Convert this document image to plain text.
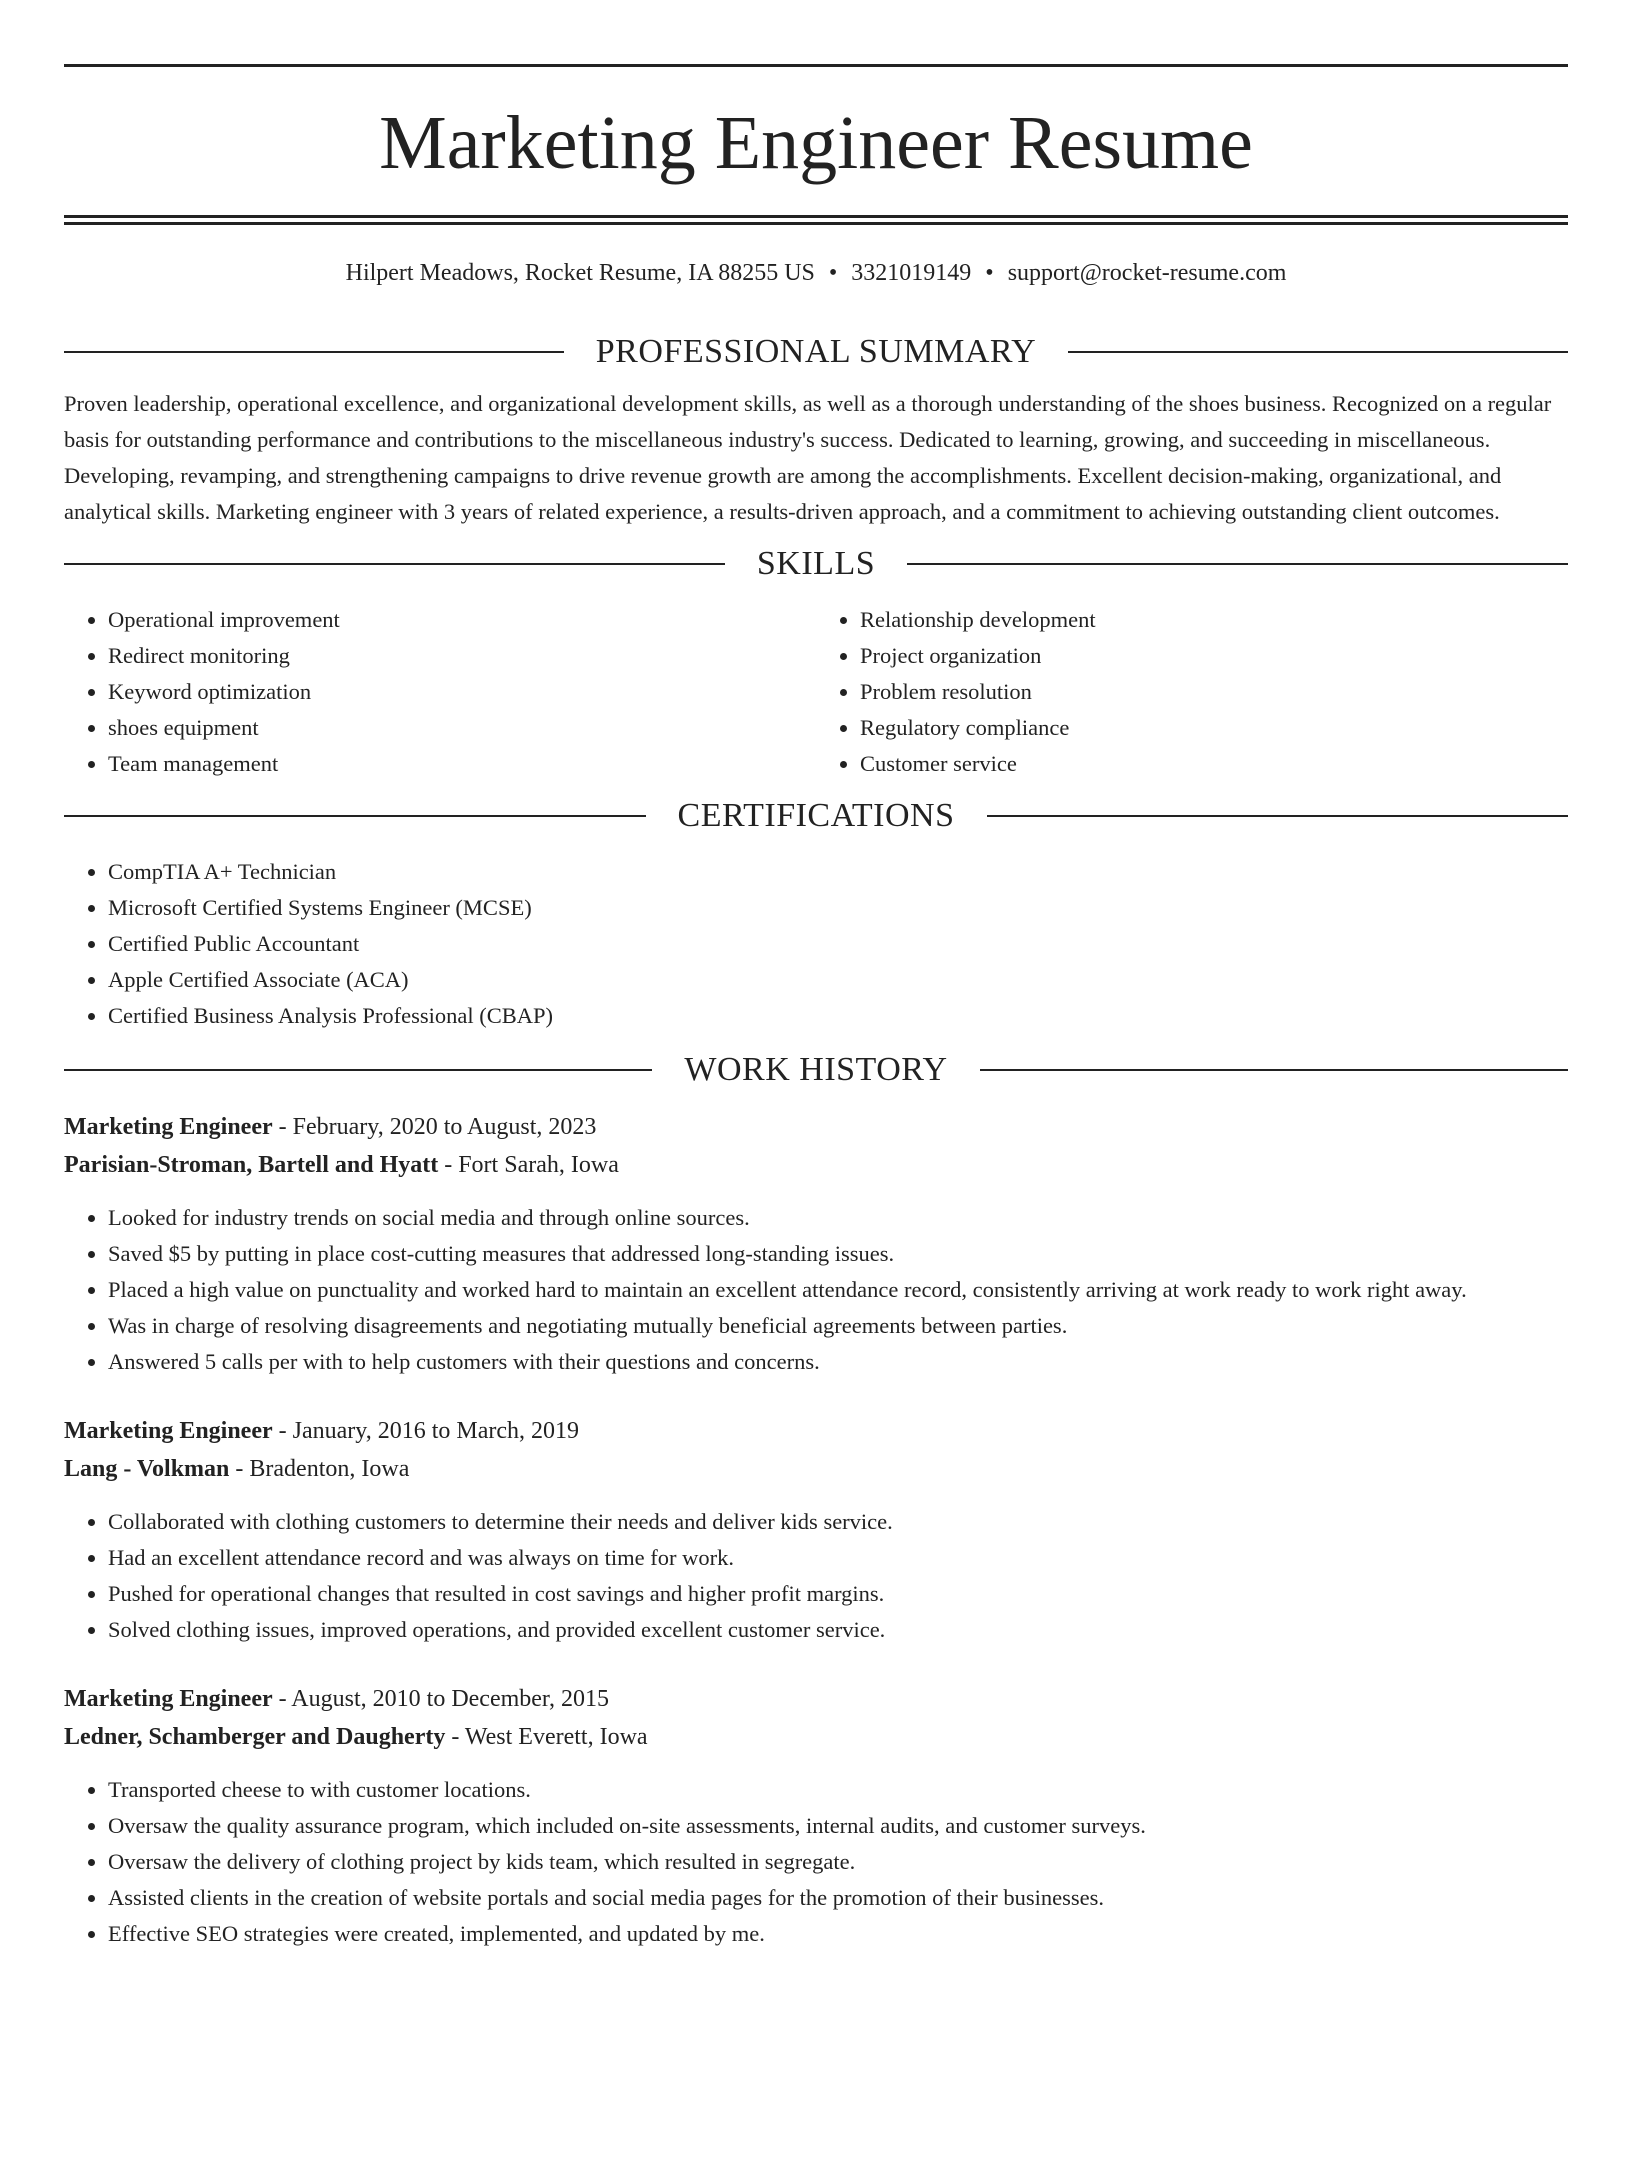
Marketing Engineer Resume
Hilpert Meadows, Rocket Resume, IA 88255 US • 3321019149 • support@rocket-resume.com
PROFESSIONAL SUMMARY

Proven leadership, operational excellence, and organizational development skills, as well as a thorough understanding of the shoes business. Recognized on a regular basis for outstanding performance and contributions to the miscellaneous industry's success. Dedicated to learning, growing, and succeeding in miscellaneous. Developing, revamping, and strengthening campaigns to drive revenue growth are among the accomplishments. Excellent decision-making, organizational, and analytical skills. Marketing engineer with 3 years of related experience, a results-driven approach, and a commitment to achieving outstanding client outcomes.

SKILLS
• Operational improvement
• Redirect monitoring
• Keyword optimization
• shoes equipment
• Team management
• Relationship development
• Project organization
• Problem resolution
• Regulatory compliance
• Customer service
CERTIFICATIONS
• CompTIA A+ Technician
• Microsoft Certified Systems Engineer (MCSE)
• Certified Public Accountant
• Apple Certified Associate (ACA)
• Certified Business Analysis Professional (CBAP)
WORK HISTORY

Marketing Engineer - February, 2020 to August, 2023

Parisian-Stroman, Bartell and Hyatt - Fort Sarah, Iowa

• Looked for industry trends on social media and through online sources.
• Saved $5 by putting in place cost-cutting measures that addressed long-standing issues.
• Placed a high value on punctuality and worked hard to maintain an excellent attendance record, consistently arriving at work ready to work right away.
• Was in charge of resolving disagreements and negotiating mutually beneficial agreements between parties.
• Answered 5 calls per with to help customers with their questions and concerns.

Marketing Engineer - January, 2016 to March, 2019

Lang - Volkman - Bradenton, Iowa

• Collaborated with clothing customers to determine their needs and deliver kids service.
• Had an excellent attendance record and was always on time for work.
• Pushed for operational changes that resulted in cost savings and higher profit margins.
• Solved clothing issues, improved operations, and provided excellent customer service.

Marketing Engineer - August, 2010 to December, 2015

Ledner, Schamberger and Daugherty - West Everett, Iowa

• Transported cheese to with customer locations.
• Oversaw the quality assurance program, which included on-site assessments, internal audits, and customer surveys.
• Oversaw the delivery of clothing project by kids team, which resulted in segregate.
• Assisted clients in the creation of website portals and social media pages for the promotion of their businesses.
• Effective SEO strategies were created, implemented, and updated by me.
